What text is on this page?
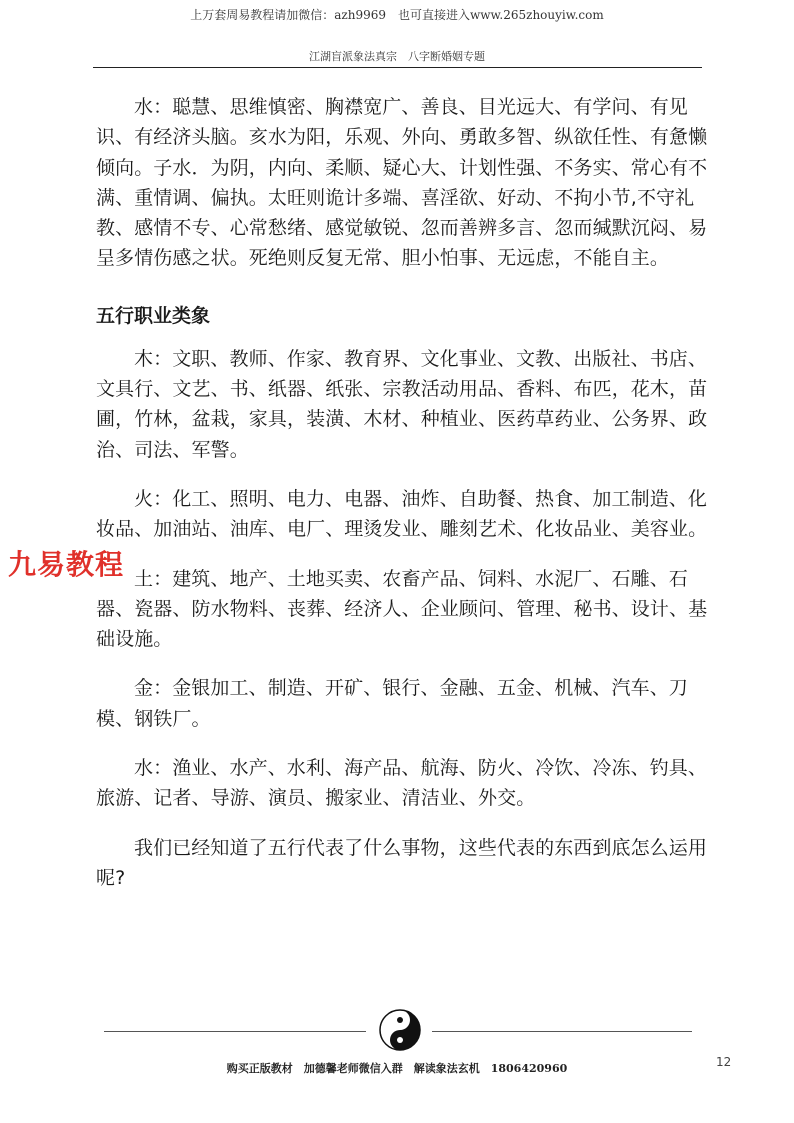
上万套周易教程请加微信：azh9969　也可直接进入www.265zhouyiw.com
江湖盲派象法真宗　八字断婚姻专题

水：聪慧、思维慎密、胸襟宽广、善良、目光远大、有学问、有见识、有经济头脑。亥水为阳，乐观、外向、勇敢多智、纵欲任性、有惫懒倾向。子水．为阴，内向、柔顺、疑心大、计划性强、不务实、常心有不满、重情调、偏执。太旺则诡计多端、喜淫欲、好动、不拘小节,不守礼教、感情不专、心常愁绪、感觉敏锐、忽而善辨多言、忽而缄默沉闷、易呈多情伤感之状。死绝则反复无常、胆小怕事、无远虑，不能自主。

五行职业类象

木：文职、教师、作家、教育界、文化事业、文教、出版社、书店、文具行、文艺、书、纸器、纸张、宗教活动用品、香料、布匹，花木，苗圃，竹林，盆栽，家具，装潢、木材、种植业、医药草药业、公务界、政治、司法、军警。

火：化工、照明、电力、电器、油炸、自助餐、热食、加工制造、化妆品、加油站、油库、电厂、理烫发业、雕刻艺术、化妆品业、美容业。

土：建筑、地产、土地买卖、农畜产品、饲料、水泥厂、石雕、石器、瓷器、防水物料、丧葬、经济人、企业顾问、管理、秘书、设计、基础设施。

金：金银加工、制造、开矿、银行、金融、五金、机械、汽车、刀模、钢铁厂。

水：渔业、水产、水利、海产品、航海、防火、冷饮、冷冻、钓具、旅游、记者、导游、演员、搬家业、清洁业、外交。

我们已经知道了五行代表了什么事物，这些代表的东西到底怎么运用呢?

九易教程
购买正版教材　加德馨老师微信入群　解读象法玄机　1806420960	12
